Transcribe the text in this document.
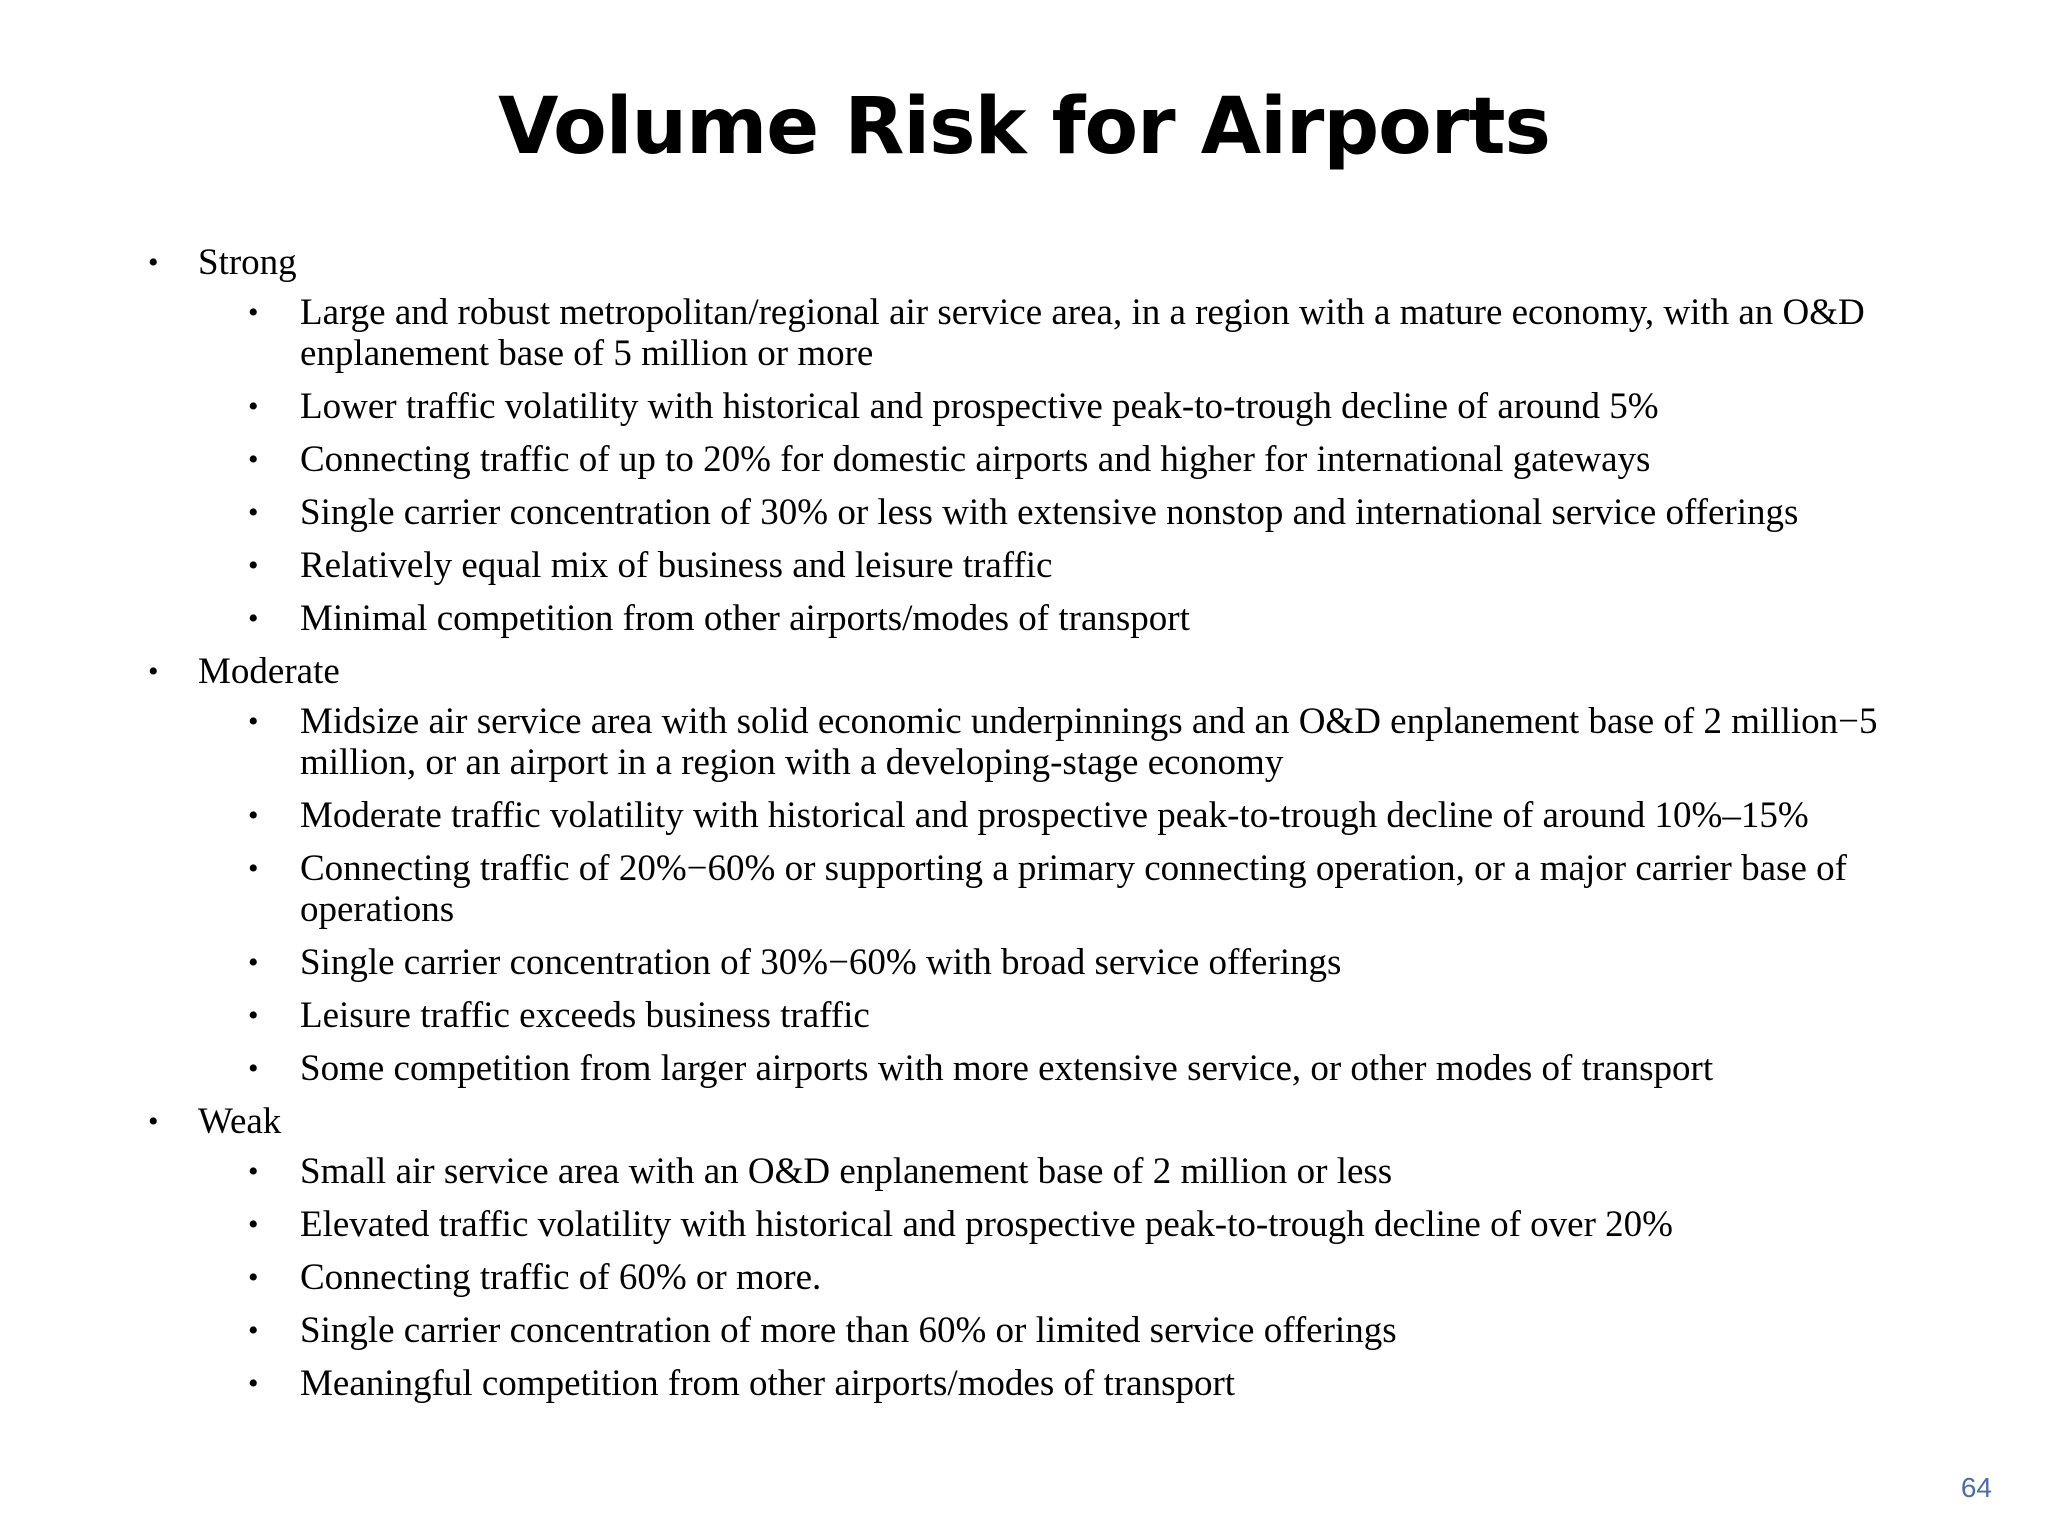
Volume Risk for Airports
• Strong
• Large and robust metropolitan/regional air service area, in a region with a mature economy, with an O&D enplanement base of 5 million or more
• Lower traffic volatility with historical and prospective peak-to-trough decline of around 5%
• Connecting traffic of up to 20% for domestic airports and higher for international gateways
• Single carrier concentration of 30% or less with extensive nonstop and international service offerings
• Relatively equal mix of business and leisure traffic
• Minimal competition from other airports/modes of transport
• Moderate
• Midsize air service area with solid economic underpinnings and an O&D enplanement base of 2 million−5 million, or an airport in a region with a developing-stage economy
• Moderate traffic volatility with historical and prospective peak-to-trough decline of around 10%–15%
• Connecting traffic of 20%−60% or supporting a primary connecting operation, or a major carrier base of operations
• Single carrier concentration of 30%−60% with broad service offerings
• Leisure traffic exceeds business traffic
• Some competition from larger airports with more extensive service, or other modes of transport
• Weak
• Small air service area with an O&D enplanement base of 2 million or less
• Elevated traffic volatility with historical and prospective peak-to-trough decline of over 20%
• Connecting traffic of 60% or more.
• Single carrier concentration of more than 60% or limited service offerings
• Meaningful competition from other airports/modes of transport
64
